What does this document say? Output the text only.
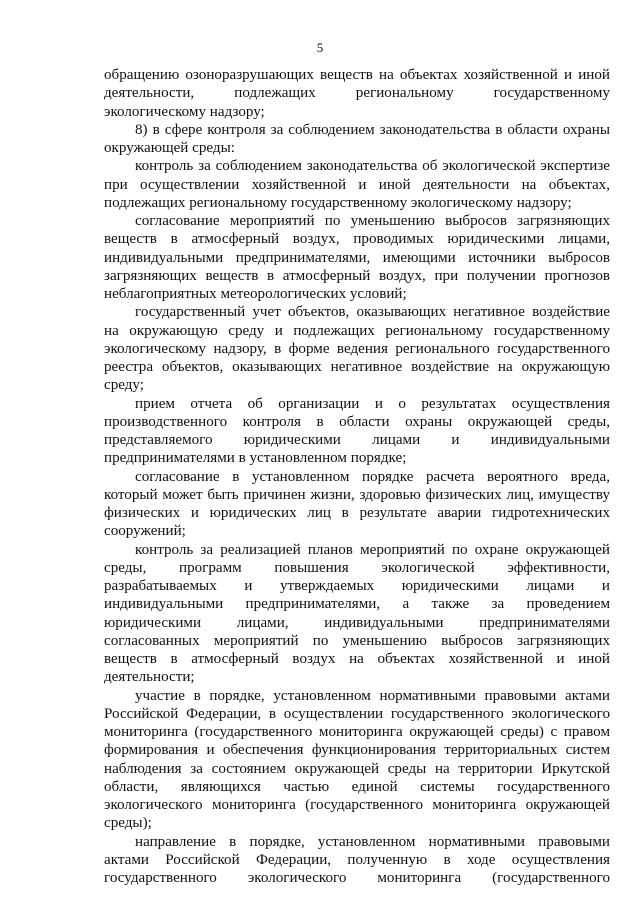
5
обращению озоноразрушающих веществ на объектах хозяйственной и иной
деятельности, подлежащих региональному государственному
экологическому надзору;
8) в сфере контроля за соблюдением законодательства в области охраны
окружающей среды:
контроль за соблюдением законодательства об экологической экспертизе
при осуществлении хозяйственной и иной деятельности на объектах,
подлежащих региональному государственному экологическому надзору;
согласование мероприятий по уменьшению выбросов загрязняющих
веществ в атмосферный воздух, проводимых юридическими лицами,
индивидуальными предпринимателями, имеющими источники выбросов
загрязняющих веществ в атмосферный воздух, при получении прогнозов
неблагоприятных метеорологических условий;
государственный учет объектов, оказывающих негативное воздействие
на окружающую среду и подлежащих региональному государственному
экологическому надзору, в форме ведения регионального государственного
реестра объектов, оказывающих негативное воздействие на окружающую
среду;
прием отчета об организации и о результатах осуществления
производственного контроля в области охраны окружающей среды,
представляемого юридическими лицами и индивидуальными
предпринимателями в установленном порядке;
согласование в установленном порядке расчета вероятного вреда,
который может быть причинен жизни, здоровью физических лиц, имуществу
физических и юридических лиц в результате аварии гидротехнических
сооружений;
контроль за реализацией планов мероприятий по охране окружающей
среды, программ повышения экологической эффективности,
разрабатываемых и утверждаемых юридическими лицами и
индивидуальными предпринимателями, а также за проведением
юридическими лицами, индивидуальными предпринимателями
согласованных мероприятий по уменьшению выбросов загрязняющих
веществ в атмосферный воздух на объектах хозяйственной и иной
деятельности;
участие в порядке, установленном нормативными правовыми актами
Российской Федерации, в осуществлении государственного экологического
мониторинга (государственного мониторинга окружающей среды) с правом
формирования и обеспечения функционирования территориальных систем
наблюдения за состоянием окружающей среды на территории Иркутской
области, являющихся частью единой системы государственного
экологического мониторинга (государственного мониторинга окружающей
среды);
направление в порядке, установленном нормативными правовыми
актами Российской Федерации, полученную в ходе осуществления
государственного экологического мониторинга (государственного
